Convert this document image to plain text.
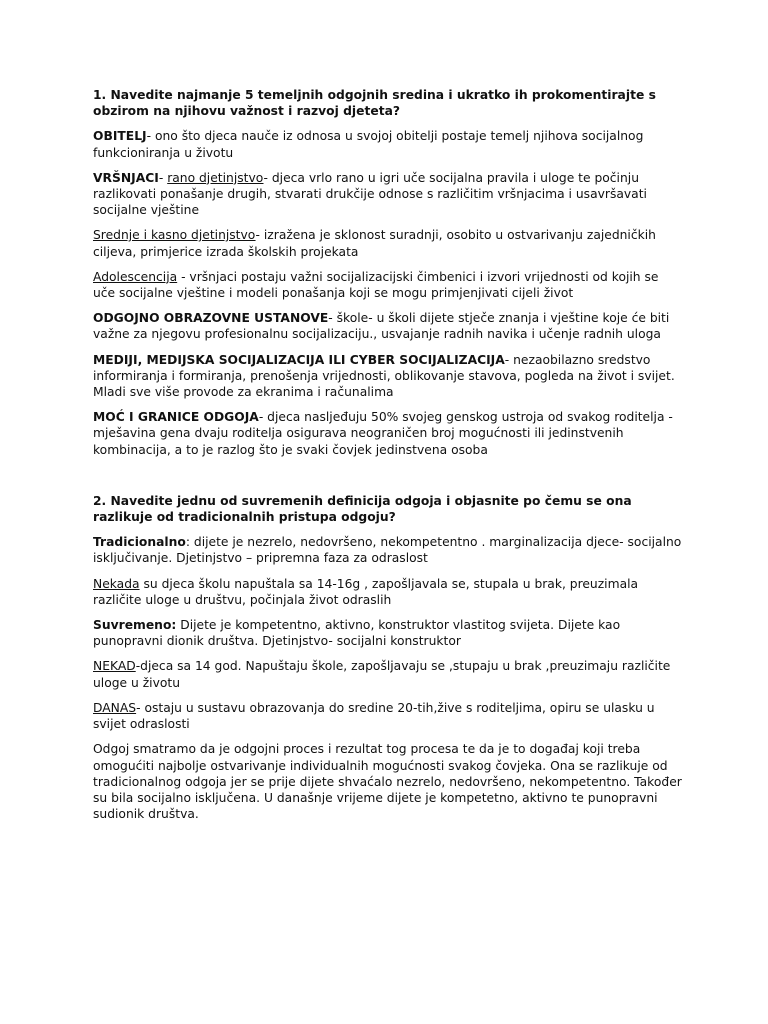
1. Navedite najmanje 5 temeljnih odgojnih sredina i ukratko ih prokomentirajte s obzirom na njihovu važnost i razvoj djeteta?
OBITELJ- ono što djeca nauče iz odnosa u svojoj obitelji postaje temelj njihova socijalnog funkcioniranja u životu
VRŠNJACI- rano djetinjstvo- djeca vrlo rano u igri uče socijalna pravila i uloge te počinju razlikovati ponašanje drugih, stvarati drukčije odnose s različitim vršnjacima i usavršavati socijalne vještine
Srednje i kasno djetinjstvo- izražena je sklonost suradnji, osobito u ostvarivanju zajedničkih ciljeva, primjerice izrada školskih projekata
Adolescencija - vršnjaci postaju važni socijalizacijski čimbenici i izvori vrijednosti od kojih se uče socijalne vještine i modeli ponašanja koji se mogu primjenjivati cijeli život
ODGOJNO OBRAZOVNE USTANOVE- škole- u školi dijete stječe znanja i vještine koje će biti važne za njegovu profesionalnu socijalizaciju., usvajanje radnih navika i učenje radnih uloga
MEDIJI, MEDIJSKA SOCIJALIZACIJA ILI CYBER SOCIJALIZACIJA- nezaobilazno sredstvo informiranja i formiranja, prenošenja vrijednosti, oblikovanje stavova, pogleda na život i svijet. Mladi sve više provode za ekranima i računalima
MOĆ I GRANICE ODGOJA- djeca nasljeđuju 50% svojeg genskog ustroja od svakog roditelja -mješavina gena dvaju roditelja osigurava neograničen broj mogućnosti ili jedinstvenih kombinacija, a to je razlog što je svaki čovjek jedinstvena osoba
2. Navedite jednu od suvremenih definicija odgoja i objasnite po čemu se ona razlikuje od tradicionalnih pristupa odgoju?
Tradicionalno: dijete je nezrelo, nedovršeno, nekompetentno . marginalizacija djece- socijalno isključivanje. Djetinjstvo – pripremna faza za odraslost
Nekada su djeca školu napuštala sa 14-16g , zapošljavala se, stupala u brak, preuzimala različite uloge u društvu, počinjala život odraslih
Suvremeno: Dijete je kompetentno, aktivno, konstruktor vlastitog svijeta. Dijete kao punopravni dionik društva. Djetinjstvo- socijalni konstruktor
NEKAD-djeca sa 14 god. Napuštaju škole, zapošljavaju se ,stupaju u brak ,preuzimaju različite uloge u životu
DANAS- ostaju u sustavu obrazovanja do sredine 20-tih,žive s roditeljima, opiru se ulasku u svijet odraslosti
Odgoj smatramo da je odgojni proces i rezultat tog procesa te da je to događaj koji treba omogućiti najbolje ostvarivanje individualnih mogućnosti svakog čovjeka. Ona se razlikuje od tradicionalnog odgoja jer se prije dijete shvaćalo nezrelo, nedovršeno, nekompetentno. Također su bila socijalno isključena. U današnje vrijeme dijete je kompetetno, aktivno te punopravni sudionik društva.
